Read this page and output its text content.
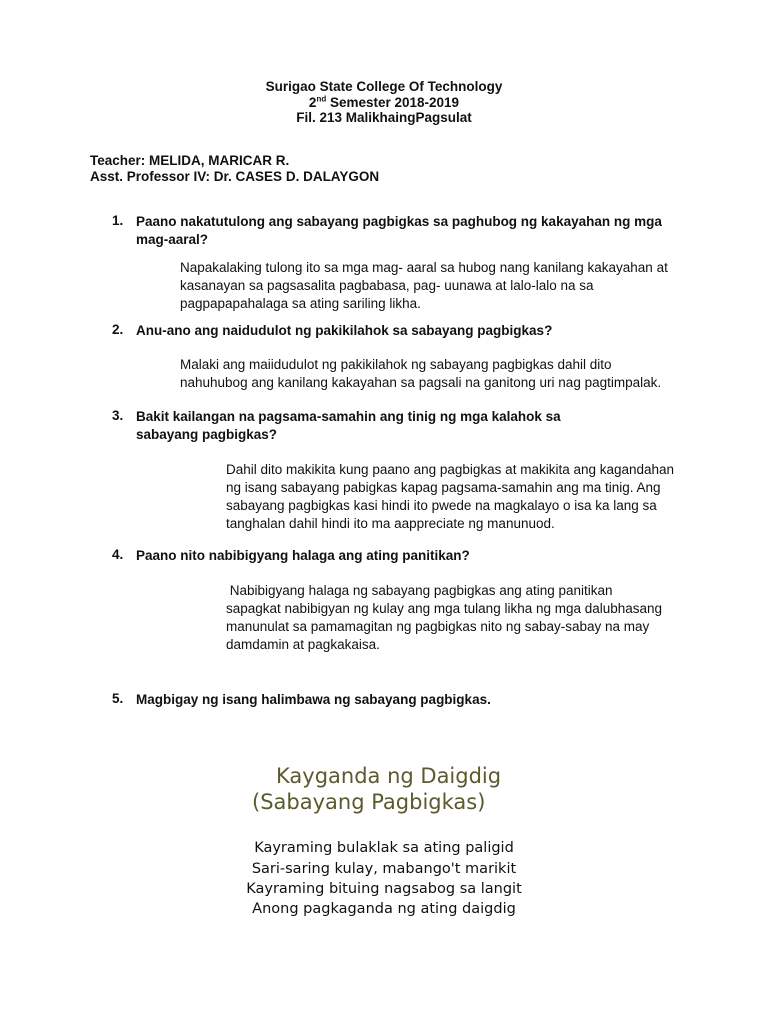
Surigao State College Of Technology
2nd Semester 2018-2019
Fil. 213 MalikhaingPagsulat
Teacher: MELIDA, MARICAR R.
Asst. Professor IV: Dr. CASES D. DALAYGON
1. Paano nakatutulong ang sabayang pagbigkas sa paghubog ng kakayahan ng mga mag-aaral?
Napakalaking tulong ito sa mga mag- aaral sa hubog nang kanilang kakayahan at kasanayan sa pagsasalita pagbabasa, pag- uunawa at lalo-lalo na sa pagpapapahalaga sa ating sariling likha.
2. Anu-ano ang naidudulot ng pakikilahok sa sabayang pagbigkas?
Malaki ang maiidudulot ng pakikilahok ng sabayang pagbigkas dahil dito nahuhubog ang kanilang kakayahan sa pagsali na ganitong uri nag pagtimpalak.
3. Bakit kailangan na pagsama-samahin ang tinig ng mga kalahok sa sabayang pagbigkas?
Dahil dito makikita kung paano ang pagbigkas at makikita ang kagandahan ng isang sabayang pabigkas kapag pagsama-samahin ang ma tinig. Ang sabayang pagbigkas kasi hindi ito pwede na magkalayo o isa ka lang sa tanghalan dahil hindi ito ma aappreciate ng manunuod.
4. Paano nito nabibigyang halaga ang ating panitikan?
Nabibigyang halaga ng sabayang pagbigkas ang ating panitikan sapagkat nabibigyan ng kulay ang mga tulang likha ng mga dalubhasang manunulat sa pamamagitan ng pagbigkas nito ng sabay-sabay na may damdamin at pagkakaisa.
5. Magbigay ng isang halimbawa ng sabayang pagbigkas.
Kayganda ng Daigdig
(Sabayang Pagbigkas)
Kayraming bulaklak sa ating paligid
Sari-saring kulay, mabango't marikit
Kayraming bituing nagsabog sa langit
Anong pagkaganda ng ating daigdig
